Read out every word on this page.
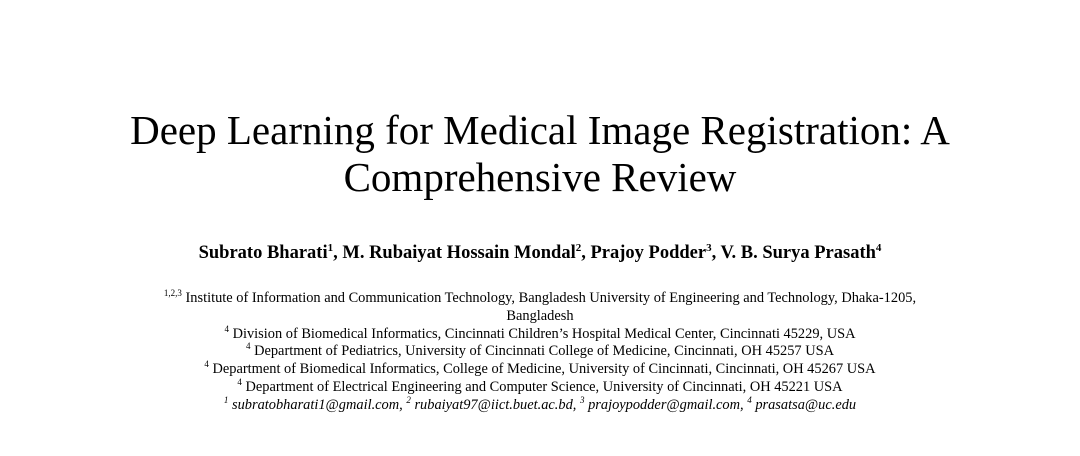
Deep Learning for Medical Image Registration: A
Comprehensive Review
Subrato Bharati$^1$, M. Rubaiyat Hossain Mondal$^2$, Prajoy Podder$^3$, V. B. Surya Prasath$^4$
$^{1,2,3}$ Institute of Information and Communication Technology, Bangladesh University of Engineering and Technology, Dhaka-1205,
Bangladesh
$^4$ Division of Biomedical Informatics, Cincinnati Children’s Hospital Medical Center, Cincinnati 45229, USA
$^4$ Department of Pediatrics, University of Cincinnati College of Medicine, Cincinnati, OH 45257 USA
$^4$ Department of Biomedical Informatics, College of Medicine, University of Cincinnati, Cincinnati, OH 45267 USA
$^4$ Department of Electrical Engineering and Computer Science, University of Cincinnati, OH 45221 USA
$^1$ subratobharati1@gmail.com, $^2$ rubaiyat97@iict.buet.ac.bd, $^3$ prajoypodder@gmail.com, $^4$ prasatsa@uc.edu
